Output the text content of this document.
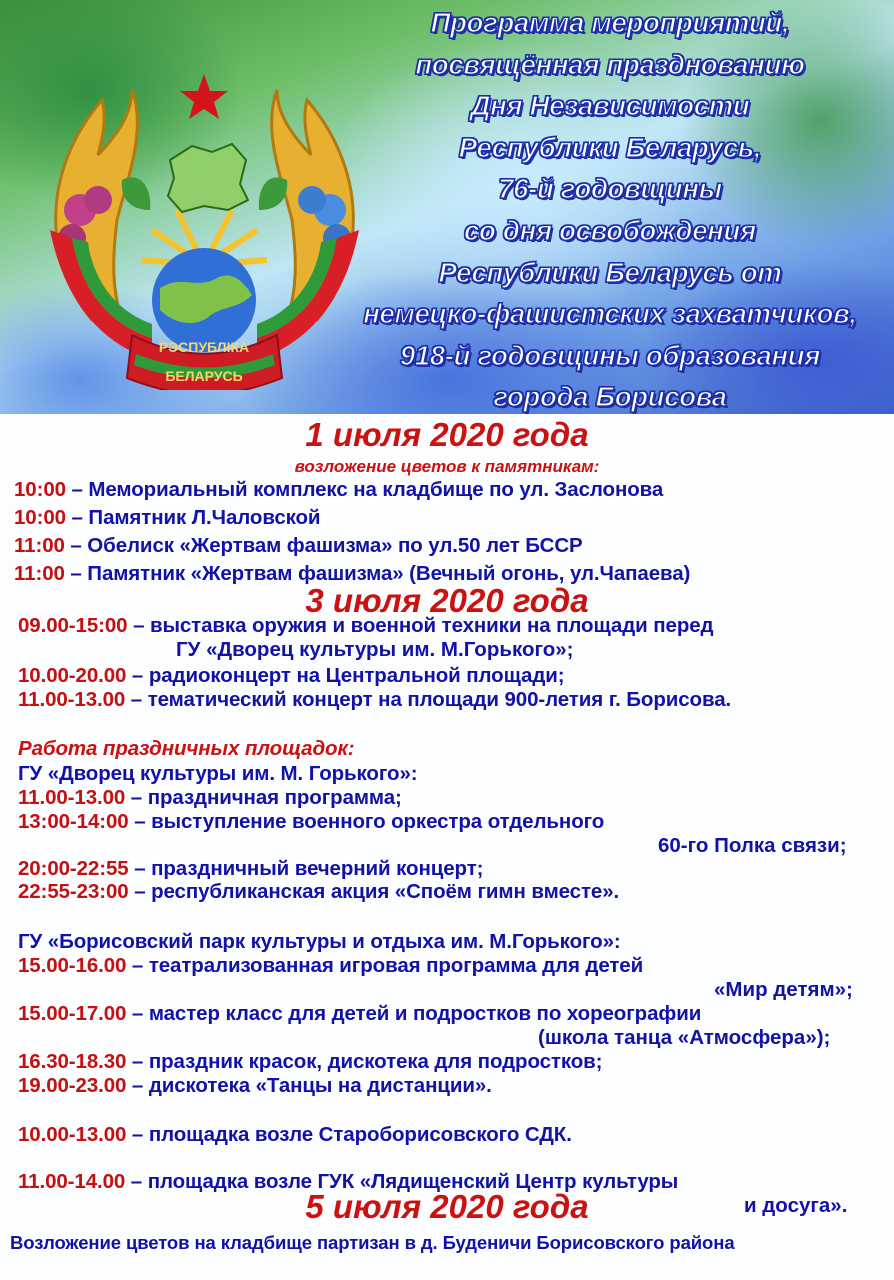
РЭСПУБЛІКА
БЕЛАРУСЬ
Программа мероприятий,
посвящённая празднованию
Дня Независимости
Республики Беларусь,
76-й годовщины
со дня освобождения
Республики Беларусь от
немецко-фашистских захватчиков,
918-й годовщины образования
города Борисова
1 июля 2020 года
возложение цветов к памятникам:
10:00 – Мемориальный комплекс на кладбище по ул. Заслонова
10:00 – Памятник Л.Чаловской
11:00 – Обелиск «Жертвам фашизма» по ул.50 лет БССР
11:00 – Памятник «Жертвам фашизма» (Вечный огонь, ул.Чапаева)
3 июля 2020 года
09.00-15:00 – выставка оружия и военной техники на площади перед
ГУ «Дворец культуры им. М.Горького»;
10.00-20.00 – радиоконцерт на Центральной площади;
11.00-13.00 – тематический концерт на площади 900-летия г. Борисова.
Работа праздничных площадок:
ГУ «Дворец культуры им. М. Горького»:
11.00-13.00 – праздничная программа;
13:00-14:00 – выступление военного оркестра отдельного
60-го Полка связи;
20:00-22:55 – праздничный вечерний концерт;
22:55-23:00 – республиканская акция «Споём гимн вместе».
ГУ «Борисовский парк культуры и отдыха им. М.Горького»:
15.00-16.00 – театрализованная игровая программа для детей
«Мир детям»;
15.00-17.00 – мастер класс для детей и подростков по хореографии
(школа танца «Атмосфера»);
16.30-18.30 – праздник красок, дискотека для подростков;
19.00-23.00 – дискотека «Танцы на дистанции».
10.00-13.00 – площадка возле Староборисовского СДК.
11.00-14.00 – площадка возле ГУК «Лядищенский Центр культуры
и досуга».
5 июля 2020 года
Возложение цветов на кладбище партизан в д. Буденичи Борисовского района
